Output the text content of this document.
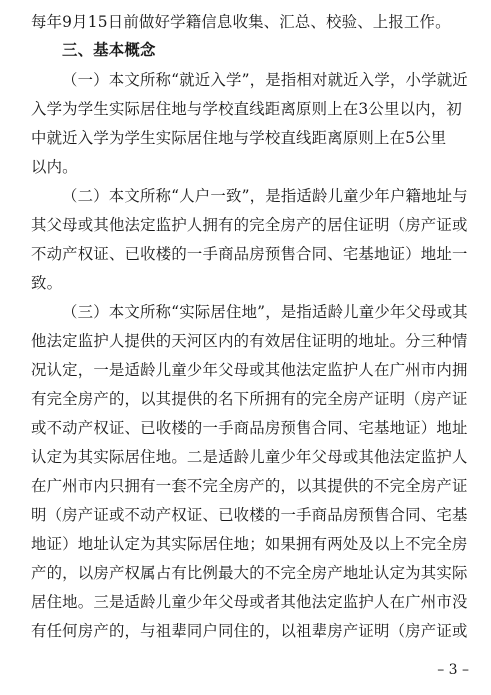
每年9月15日前做好学籍信息收集、汇总、校验、上报工作。
三、基本概念
（一）本文所称“就近入学”，是指相对就近入学，小学就近
入学为学生实际居住地与学校直线距离原则上在3公里以内，初
中就近入学为学生实际居住地与学校直线距离原则上在5公里
以内。
（二）本文所称“人户一致”，是指适龄儿童少年户籍地址与
其父母或其他法定监护人拥有的完全房产的居住证明（房产证或
不动产权证、已收楼的一手商品房预售合同、宅基地证）地址一
致。
（三）本文所称“实际居住地”，是指适龄儿童少年父母或其
他法定监护人提供的天河区内的有效居住证明的地址。分三种情
况认定，一是适龄儿童少年父母或其他法定监护人在广州市内拥
有完全房产的，以其提供的名下所拥有的完全房产证明（房产证
或不动产权证、已收楼的一手商品房预售合同、宅基地证）地址
认定为其实际居住地。二是适龄儿童少年父母或其他法定监护人
在广州市内只拥有一套不完全房产的，以其提供的不完全房产证
明（房产证或不动产权证、已收楼的一手商品房预售合同、宅基
地证）地址认定为其实际居住地；如果拥有两处及以上不完全房
产的，以房产权属占有比例最大的不完全房产地址认定为其实际
居住地。三是适龄儿童少年父母或者其他法定监护人在广州市没
有任何房产的，与祖辈同户同住的，以祖辈房产证明（房产证或
– 3 –
